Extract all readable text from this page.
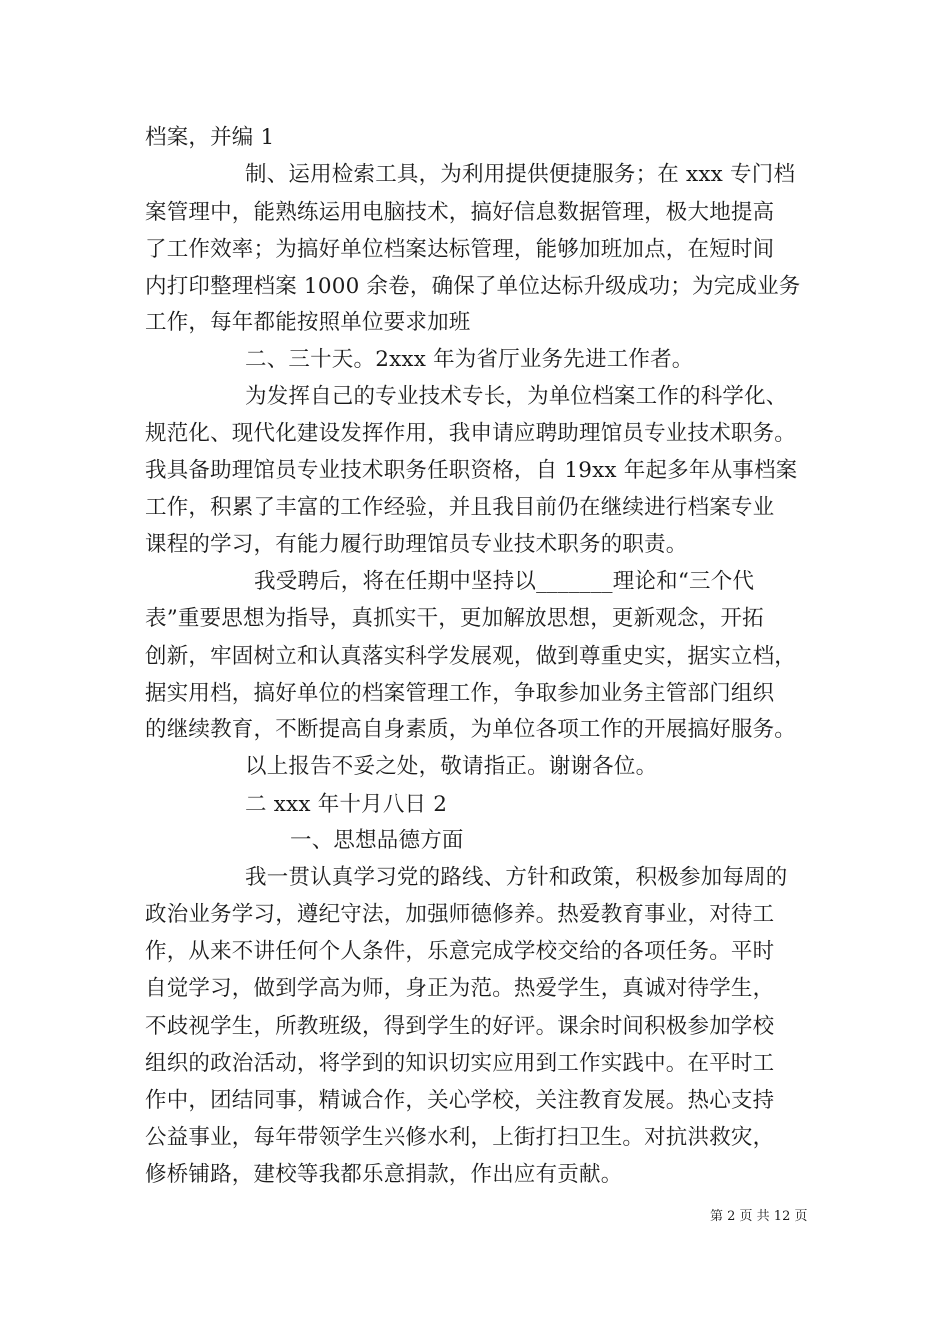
档案，并编 1
制、运用检索工具，为利用提供便捷服务；在 xxx 专门档
案管理中，能熟练运用电脑技术，搞好信息数据管理，极大地提高
了工作效率；为搞好单位档案达标管理，能够加班加点，在短时间
内打印整理档案 1000 余卷，确保了单位达标升级成功；为完成业务
工作，每年都能按照单位要求加班
二、三十天。2xxx 年为省厅业务先进工作者。
为发挥自己的专业技术专长，为单位档案工作的科学化、
规范化、现代化建设发挥作用，我申请应聘助理馆员专业技术职务。
我具备助理馆员专业技术职务任职资格，自 19xx 年起多年从事档案
工作，积累了丰富的工作经验，并且我目前仍在继续进行档案专业
课程的学习，有能力履行助理馆员专业技术职务的职责。
我受聘后，将在任期中坚持以_______理论和“三个代
表”重要思想为指导，真抓实干，更加解放思想，更新观念，开拓
创新，牢固树立和认真落实科学发展观，做到尊重史实，据实立档，
据实用档，搞好单位的档案管理工作，争取参加业务主管部门组织
的继续教育，不断提高自身素质，为单位各项工作的开展搞好服务。
以上报告不妥之处，敬请指正。谢谢各位。
二 xxx 年十月八日 2
一、思想品德方面
我一贯认真学习党的路线、方针和政策，积极参加每周的
政治业务学习，遵纪守法，加强师德修养。热爱教育事业，对待工
作，从来不讲任何个人条件，乐意完成学校交给的各项任务。平时
自觉学习，做到学高为师，身正为范。热爱学生，真诚对待学生，
不歧视学生，所教班级，得到学生的好评。课余时间积极参加学校
组织的政治活动，将学到的知识切实应用到工作实践中。在平时工
作中，团结同事，精诚合作，关心学校，关注教育发展。热心支持
公益事业，每年带领学生兴修水利，上街打扫卫生。对抗洪救灾，
修桥铺路，建校等我都乐意捐款，作出应有贡献。
第 2 页 共 12 页
